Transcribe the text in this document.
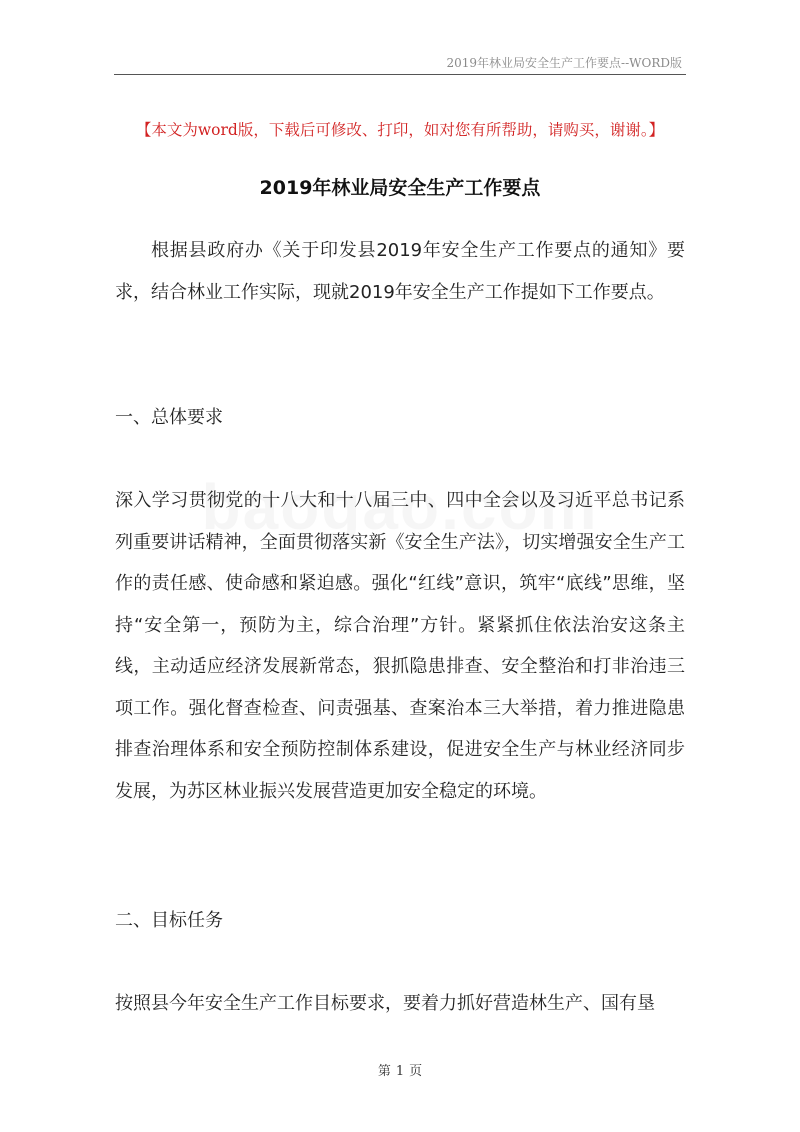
2019年林业局安全生产工作要点--WORD版
【本文为word版，下载后可修改、打印，如对您有所帮助，请购买，谢谢。】
2019年林业局安全生产工作要点

根据县政府办《关于印发县2019年安全生产工作要点的通知》要求，结合林业工作实际，现就2019年安全生产工作提如下工作要点。

一、总体要求

深入学习贯彻党的十八大和十八届三中、四中全会以及习近平总书记系列重要讲话精神，全面贯彻落实新《安全生产法》，切实增强安全生产工作的责任感、使命感和紧迫感。强化“红线”意识，筑牢“底线”思维，坚持“安全第一，预防为主，综合治理”方针。紧紧抓住依法治安这条主线，主动适应经济发展新常态，狠抓隐患排查、安全整治和打非治违三项工作。强化督查检查、问责强基、查案治本三大举措，着力推进隐患排查治理体系和安全预防控制体系建设，促进安全生产与林业经济同步发展，为苏区林业振兴发展营造更加安全稳定的环境。

二、目标任务

按照县今年安全生产工作目标要求，要着力抓好营造林生产、国有垦

第 1 页
